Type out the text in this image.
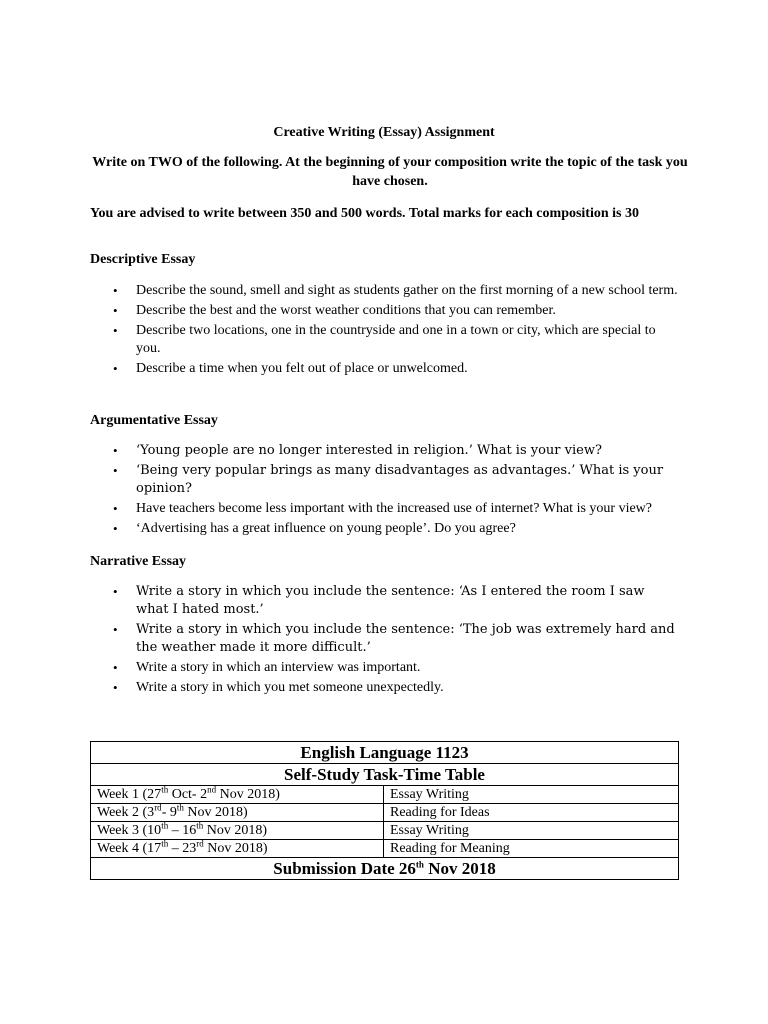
Creative Writing (Essay) Assignment
Write on TWO of the following. At the beginning of your composition write the topic of the task you have chosen.
You are advised to write between 350 and 500 words. Total marks for each composition is 30
Descriptive Essay
• Describe the sound, smell and sight as students gather on the first morning of a new school term.
• Describe the best and the worst weather conditions that you can remember.
• Describe two locations, one in the countryside and one in a town or city, which are special to you.
• Describe a time when you felt out of place or unwelcomed.
Argumentative Essay
• ‘Young people are no longer interested in religion.’ What is your view?
• ‘Being very popular brings as many disadvantages as advantages.’ What is your opinion?
• Have teachers become less important with the increased use of internet? What is your view?
• ‘Advertising has a great influence on young people’. Do you agree?
Narrative Essay
• Write a story in which you include the sentence: ‘As I entered the room I saw what I hated most.’
• Write a story in which you include the sentence: ‘The job was extremely hard and the weather made it more difficult.’
• Write a story in which an interview was important.
• Write a story in which you met someone unexpectedly.
English Language 1123	
Self-Study Task-Time Table	
Week 1 (27th Oct- 2nd Nov 2018)	Essay Writing
Week 2 (3rd- 9th Nov 2018)	Reading for Ideas
Week 3 (10th – 16th Nov 2018)	Essay Writing
Week 4 (17th – 23rd Nov 2018)	Reading for Meaning
Submission Date 26th Nov 2018	
